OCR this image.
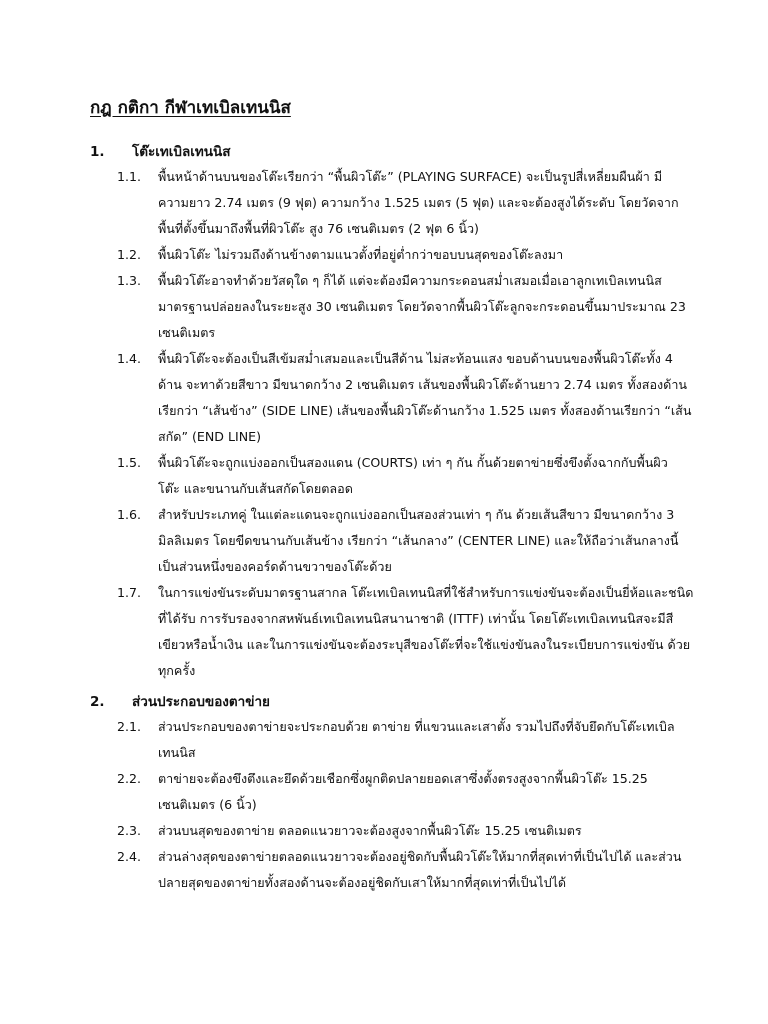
กฎ กติกา กีฬาเทเบิลเทนนิส
1.	โต๊ะเทเบิลเทนนิส
1.1.	พื้นหน้าด้านบนของโต๊ะเรียกว่า “พื้นผิวโต๊ะ” (PLAYING SURFACE) จะเป็นรูปสี่เหลี่ยมผืนผ้า มี
ความยาว 2.74 เมตร (9 ฟุต) ความกว้าง 1.525 เมตร (5 ฟุต) และจะต้องสูงได้ระดับ โดยวัดจาก
พื้นที่ตั้งขึ้นมาถึงพื้นที่ผิวโต๊ะ สูง 76 เซนติเมตร (2 ฟุต 6 นิ้ว)
1.2.	พื้นผิวโต๊ะ ไม่รวมถึงด้านข้างตามแนวตั้งที่อยู่ต่ำกว่าขอบบนสุดของโต๊ะลงมา
1.3.	พื้นผิวโต๊ะอาจทำด้วยวัสดุใด ๆ ก็ได้ แต่จะต้องมีความกระดอนสม่ำเสมอเมื่อเอาลูกเทเบิลเทนนิส
มาตรฐานปล่อยลงในระยะสูง 30 เซนติเมตร โดยวัดจากพื้นผิวโต๊ะลูกจะกระดอนขึ้นมาประมาณ 23
เซนติเมตร
1.4.	พื้นผิวโต๊ะจะต้องเป็นสีเข้มสม่ำเสมอและเป็นสีด้าน ไม่สะท้อนแสง ขอบด้านบนของพื้นผิวโต๊ะทั้ง 4
ด้าน จะทาด้วยสีขาว มีขนาดกว้าง 2 เซนติเมตร เส้นของพื้นผิวโต๊ะด้านยาว 2.74 เมตร ทั้งสองด้าน
เรียกว่า “เส้นข้าง” (SIDE LINE) เส้นของพื้นผิวโต๊ะด้านกว้าง 1.525 เมตร ทั้งสองด้านเรียกว่า “เส้น
สกัด” (END LINE)
1.5.	พื้นผิวโต๊ะจะถูกแบ่งออกเป็นสองแดน (COURTS) เท่า ๆ กัน กั้นด้วยตาข่ายซึ่งขึงตั้งฉากกับพื้นผิว
โต๊ะ และขนานกับเส้นสกัดโดยตลอด
1.6.	สำหรับประเภทคู่ ในแต่ละแดนจะถูกแบ่งออกเป็นสองส่วนเท่า ๆ กัน ด้วยเส้นสีขาว มีขนาดกว้าง 3
มิลลิเมตร โดยขีดขนานกับเส้นข้าง เรียกว่า “เส้นกลาง” (CENTER LINE) และให้ถือว่าเส้นกลางนี้
เป็นส่วนหนึ่งของคอร์ดด้านขวาของโต๊ะด้วย
1.7.	ในการแข่งขันระดับมาตรฐานสากล โต๊ะเทเบิลเทนนิสที่ใช้สำหรับการแข่งขันจะต้องเป็นยี่ห้อและชนิด
ที่ได้รับ การรับรองจากสหพันธ์เทเบิลเทนนิสนานาชาติ (ITTF) เท่านั้น โดยโต๊ะเทเบิลเทนนิสจะมีสี
เขียวหรือน้ำเงิน และในการแข่งขันจะต้องระบุสีของโต๊ะที่จะใช้แข่งขันลงในระเบียบการแข่งขัน ด้วย
ทุกครั้ง
2.	ส่วนประกอบของตาข่าย
2.1.	ส่วนประกอบของตาข่ายจะประกอบด้วย ตาข่าย ที่แขวนและเสาตั้ง รวมไปถึงที่จับยึดกับโต๊ะเทเบิล
เทนนิส
2.2.	ตาข่ายจะต้องขึงตึงและยึดด้วยเชือกซึ่งผูกติดปลายยอดเสาซึ่งตั้งตรงสูงจากพื้นผิวโต๊ะ 15.25
เซนติเมตร (6 นิ้ว)
2.3.	ส่วนบนสุดของตาข่าย ตลอดแนวยาวจะต้องสูงจากพื้นผิวโต๊ะ 15.25 เซนติเมตร
2.4.	ส่วนล่างสุดของตาข่ายตลอดแนวยาวจะต้องอยู่ชิดกับพื้นผิวโต๊ะให้มากที่สุดเท่าที่เป็นไปได้ และส่วน
ปลายสุดของตาข่ายทั้งสองด้านจะต้องอยู่ชิดกับเสาให้มากที่สุดเท่าที่เป็นไปได้
